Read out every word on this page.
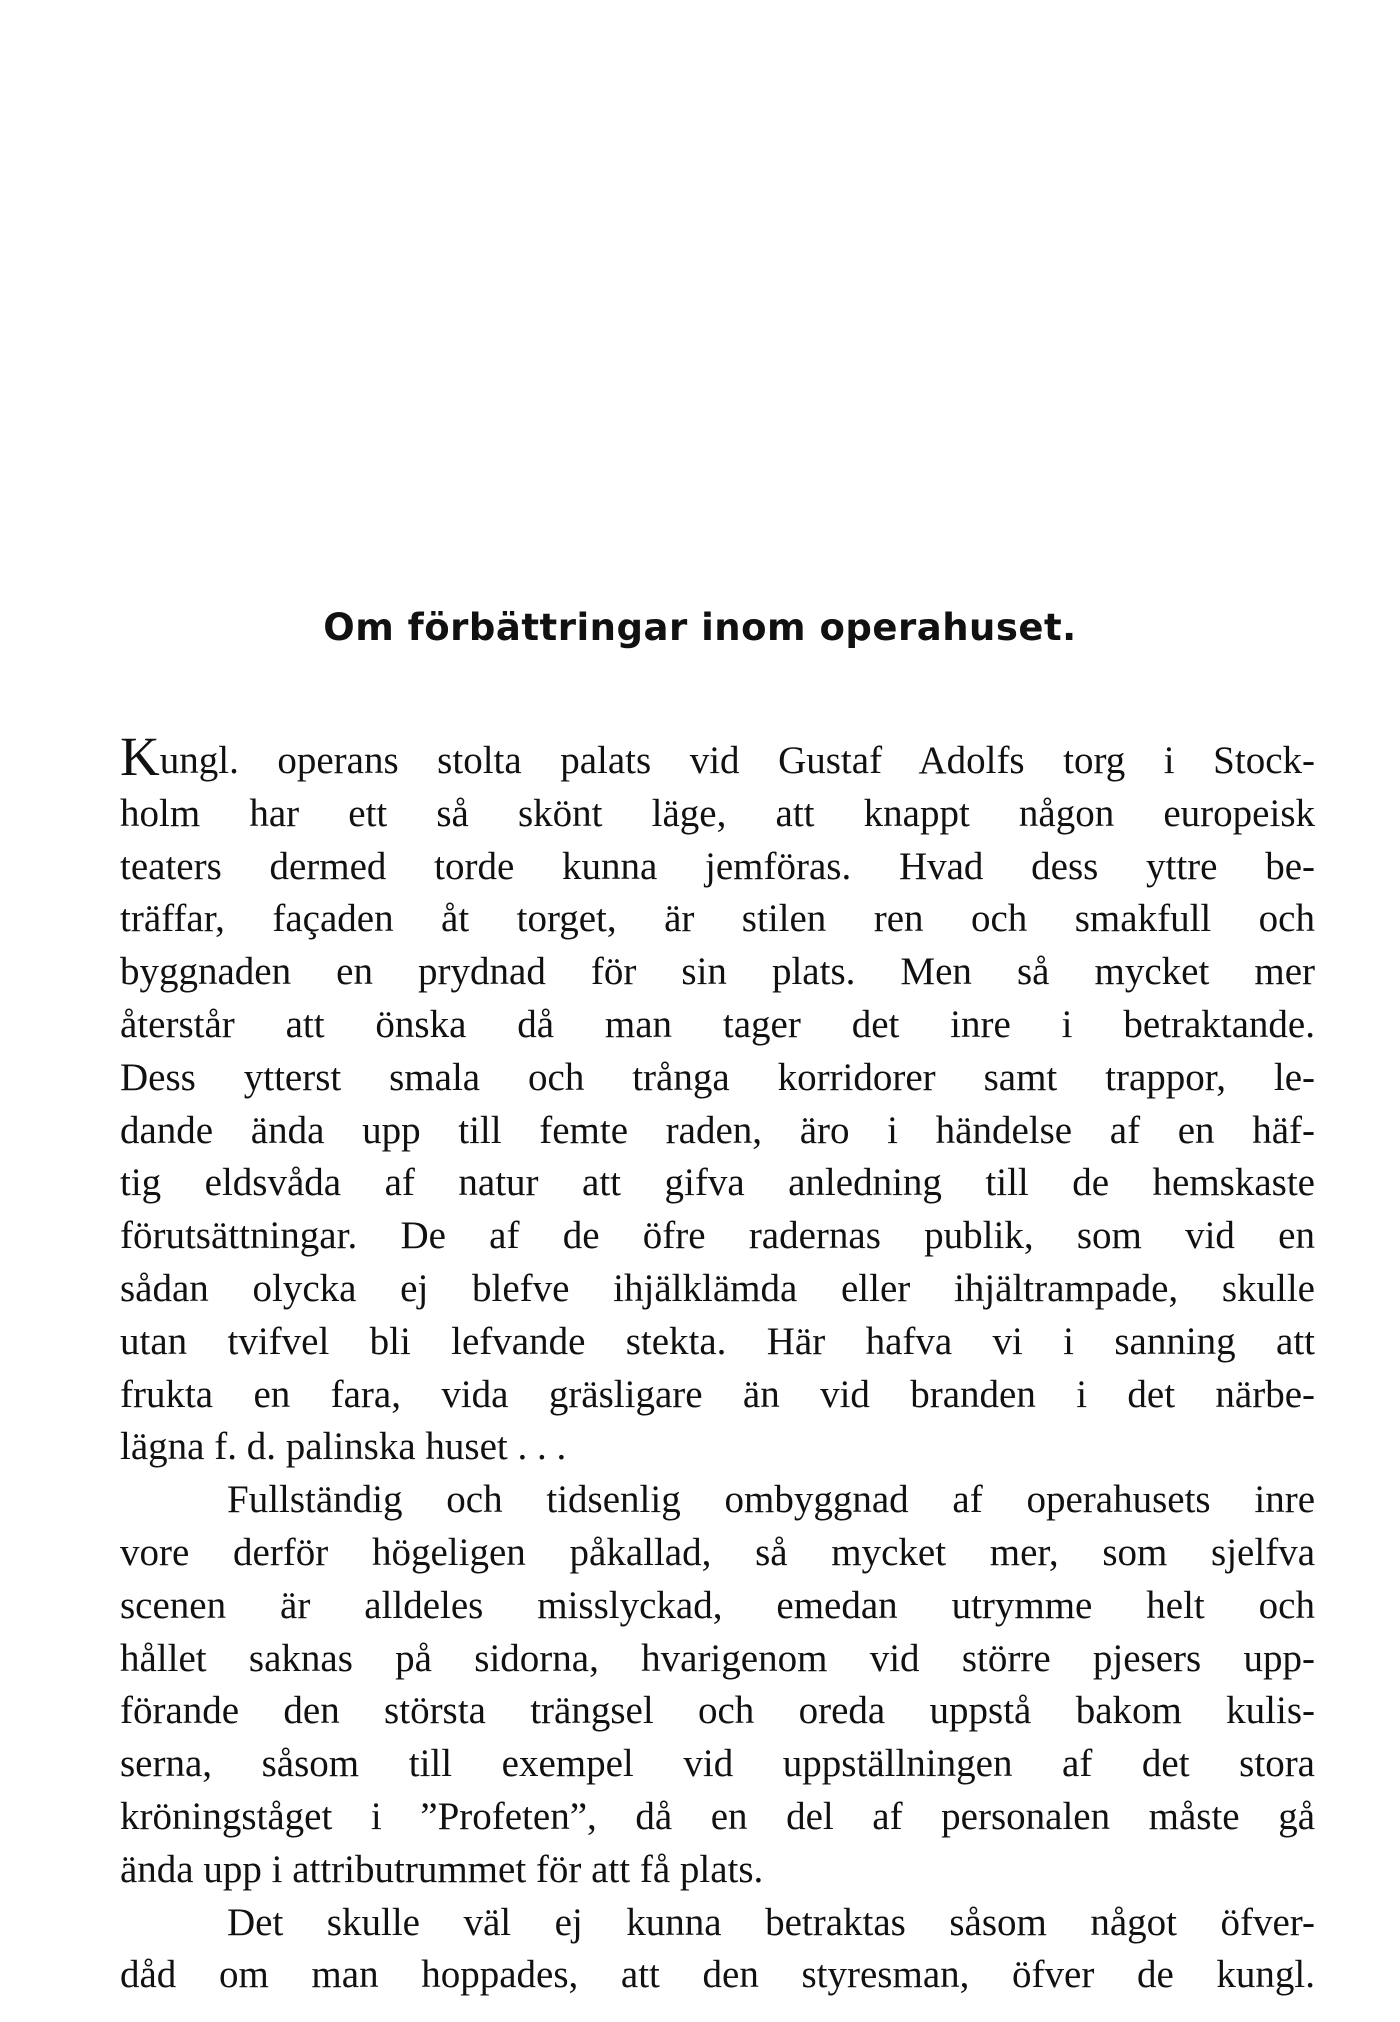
Om förbättringar inom operahuset.
Kungl. operans stolta palats vid Gustaf Adolfs torg i Stock-
holm har ett så skönt läge, att knappt någon europeisk
teaters dermed torde kunna jemföras. Hvad dess yttre be-
träffar, façaden åt torget, är stilen ren och smakfull och
byggnaden en prydnad för sin plats. Men så mycket mer
återstår att önska då man tager det inre i betraktande.
Dess ytterst smala och trånga korridorer samt trappor, le-
dande ända upp till femte raden, äro i händelse af en häf-
tig eldsvåda af natur att gifva anledning till de hemskaste
förutsättningar. De af de öfre radernas publik, som vid en
sådan olycka ej blefve ihjälklämda eller ihjältrampade, skulle
utan tvifvel bli lefvande stekta. Här hafva vi i sanning att
frukta en fara, vida gräsligare än vid branden i det närbe-
lägna f. d. palinska huset . . .
Fullständig och tidsenlig ombyggnad af operahusets inre
vore derför högeligen påkallad, så mycket mer, som sjelfva
scenen är alldeles misslyckad, emedan utrymme helt och
hållet saknas på sidorna, hvarigenom vid större pjesers upp-
förande den största trängsel och oreda uppstå bakom kulis-
serna, såsom till exempel vid uppställningen af det stora
kröningståget i ”Profeten”, då en del af personalen måste gå
ända upp i attributrummet för att få plats.
Det skulle väl ej kunna betraktas såsom något öfver-
dåd om man hoppades, att den styresman, öfver de kungl.
